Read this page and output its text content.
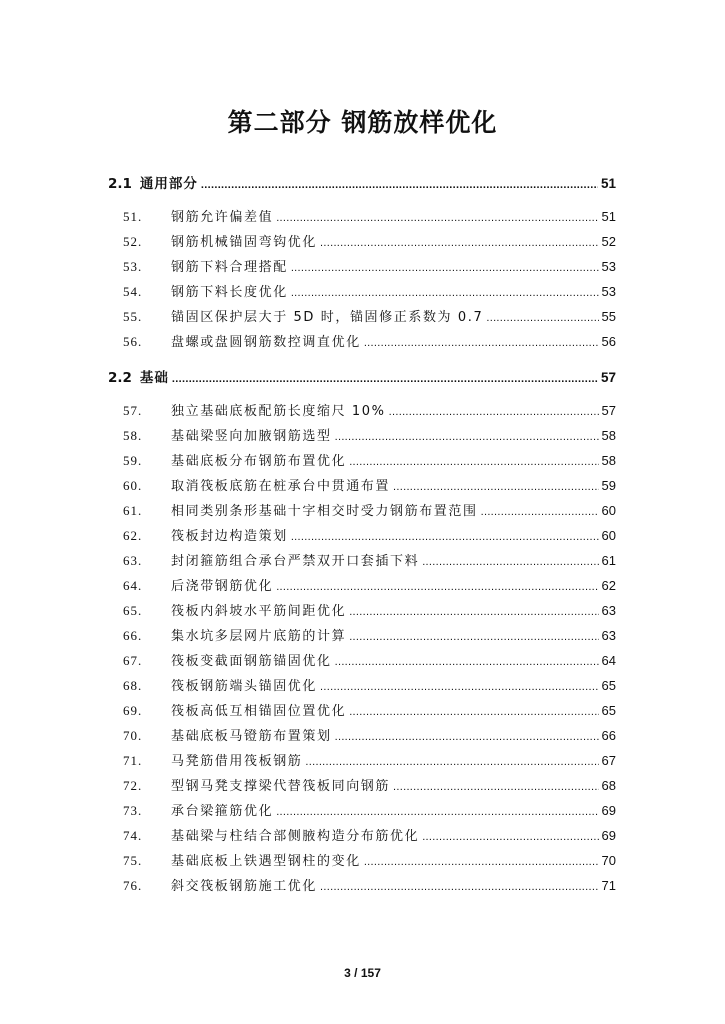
第二部分 钢筋放样优化
2.1 通用部分 .....	51
51.	钢筋允许偏差值 .....	51
52.	钢筋机械锚固弯钩优化 .....	52
53.	钢筋下料合理搭配 .....	53
54.	钢筋下料长度优化 .....	53
55.	锚固区保护层大于 5D 时，锚固修正系数为 0.7 .....	55
56.	盘螺或盘圆钢筋数控调直优化 .....	56
2.2 基础 .....	57
57.	独立基础底板配筋长度缩尺 10% .....	57
58.	基础梁竖向加腋钢筋选型 .....	58
59.	基础底板分布钢筋布置优化 .....	58
60.	取消筏板底筋在桩承台中贯通布置 .....	59
61.	相同类别条形基础十字相交时受力钢筋布置范围 .....	60
62.	筏板封边构造策划 .....	60
63.	封闭箍筋组合承台严禁双开口套插下料 .....	61
64.	后浇带钢筋优化 .....	62
65.	筏板内斜坡水平筋间距优化 .....	63
66.	集水坑多层网片底筋的计算 .....	63
67.	筏板变截面钢筋锚固优化 .....	64
68.	筏板钢筋端头锚固优化 .....	65
69.	筏板高低互相锚固位置优化 .....	65
70.	基础底板马镫筋布置策划 .....	66
71.	马凳筋借用筏板钢筋 .....	67
72.	型钢马凳支撑梁代替筏板同向钢筋 .....	68
73.	承台梁箍筋优化 .....	69
74.	基础梁与柱结合部侧腋构造分布筋优化 .....	69
75.	基础底板上铁遇型钢柱的变化 .....	70
76.	斜交筏板钢筋施工优化 .....	71
3 / 157
